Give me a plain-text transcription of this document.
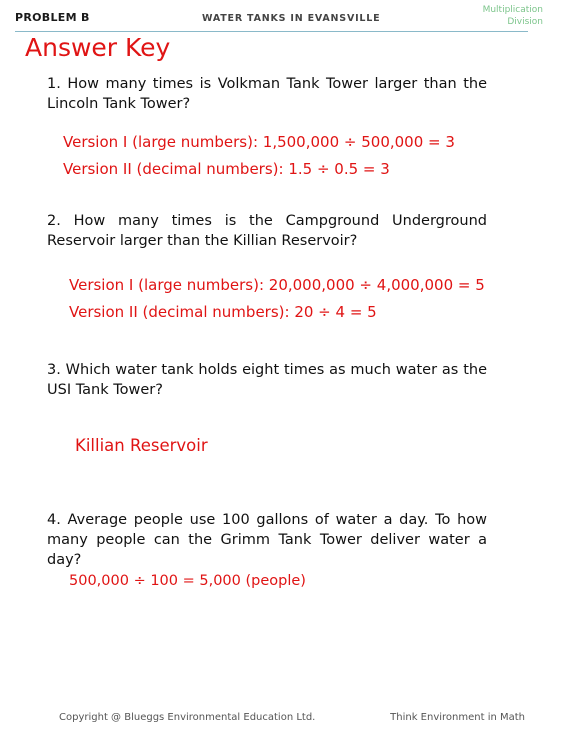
PROBLEM B	WATER TANKS IN EVANSVILLE
Multiplication
Division
Answer Key
1. How many times is Volkman Tank Tower larger than the Lincoln Tank Tower?
Version I (large numbers): 1,500,000 ÷ 500,000 = 3
Version II (decimal numbers): 1.5 ÷ 0.5 = 3
2. How many times is the Campground Underground Reservoir larger than the Killian Reservoir?
Version I (large numbers): 20,000,000 ÷ 4,000,000 = 5
Version II (decimal numbers): 20 ÷ 4 = 5
3. Which water tank holds eight times as much water as the USI Tank Tower?
Killian Reservoir
4. Average people use 100 gallons of water a day. To how many people can the Grimm Tank Tower deliver water a day?
500,000 ÷ 100 = 5,000 (people)
Copyright @ Blueggs Environmental Education Ltd.	Think Environment in Math
